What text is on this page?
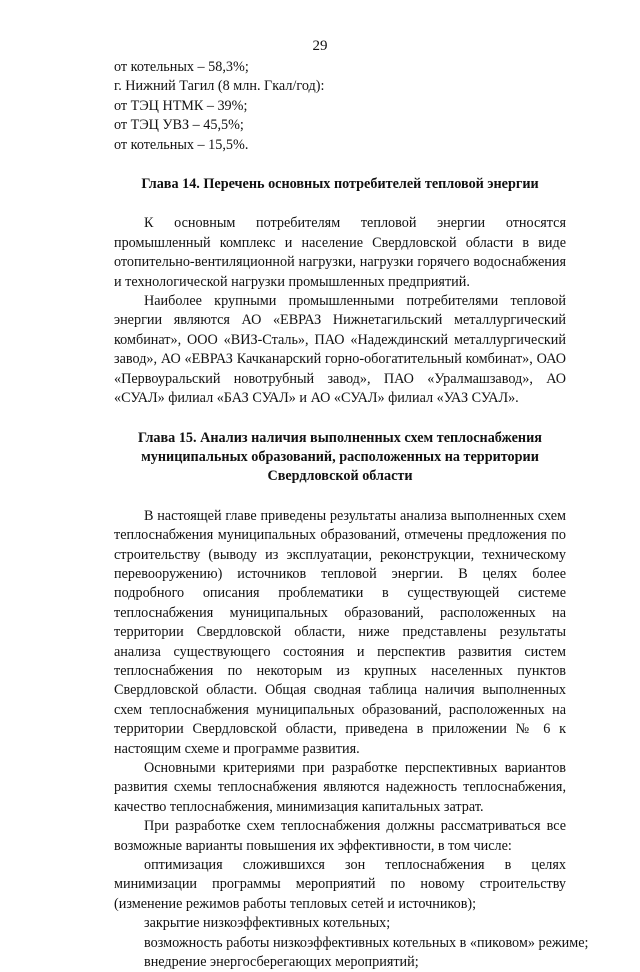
29

от котельных – 58,3%;

г. Нижний Тагил (8 млн. Гкал/год):

от ТЭЦ НТМК – 39%;

от ТЭЦ УВЗ – 45,5%;

от котельных – 15,5%.

Глава 14. Перечень основных потребителей тепловой энергии

К основным потребителям тепловой энергии относятся промышленный комплекс и население Свердловской области в виде отопительно-вентиляционной нагрузки, нагрузки горячего водоснабжения и технологической нагрузки промышленных предприятий.

Наиболее крупными промышленными потребителями тепловой энергии являются АО «ЕВРАЗ Нижнетагильский металлургический комбинат», ООО «ВИЗ-Сталь», ПАО «Надеждинский металлургический завод», АО «ЕВРАЗ Качканарский горно-обогатительный комбинат», ОАО «Первоуральский новотрубный завод», ПАО «Уралмашзавод», АО «СУАЛ» филиал «БАЗ СУАЛ» и АО «СУАЛ» филиал «УАЗ СУАЛ».

Глава 15. Анализ наличия выполненных схем теплоснабжения
муниципальных образований, расположенных на территории
Свердловской области

В настоящей главе приведены результаты анализа выполненных схем теплоснабжения муниципальных образований, отмечены предложения по строительству (выводу из эксплуатации, реконструкции, техническому перевооружению) источников тепловой энергии. В целях более подробного описания проблематики в существующей системе теплоснабжения муниципальных образований, расположенных на территории Свердловской области, ниже представлены результаты анализа существующего состояния и перспектив развития систем теплоснабжения по некоторым из крупных населенных пунктов Свердловской области. Общая сводная таблица наличия выполненных схем теплоснабжения муниципальных образований, расположенных на территории Свердловской области, приведена в приложении № 6 к настоящим схеме и программе развития.

Основными критериями при разработке перспективных вариантов развития схемы теплоснабжения являются надежность теплоснабжения, качество теплоснабжения, минимизация капитальных затрат.

При разработке схем теплоснабжения должны рассматриваться все возможные варианты повышения их эффективности, в том числе:

оптимизация сложившихся зон теплоснабжения в целях минимизации программы мероприятий по новому строительству (изменение режимов работы тепловых сетей и источников);

закрытие низкоэффективных котельных;

возможность работы низкоэффективных котельных в «пиковом» режиме;

внедрение энергосберегающих мероприятий;
